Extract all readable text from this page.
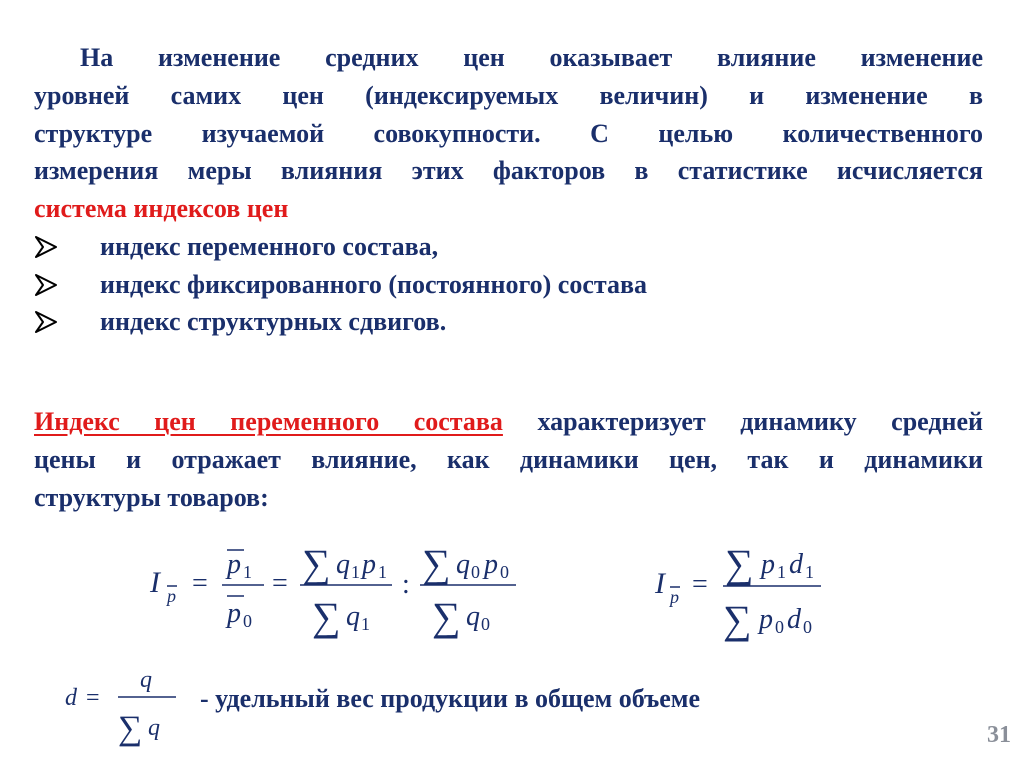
На изменение средних цен оказывает влияние изменение
уровней самих цен (индексируемых величин) и изменение в
структуре изучаемой совокупности. С целью количественного
измерения меры влияния этих факторов в статистике исчисляется
система индексов цен
индекс переменного состава,
индекс фиксированного (постоянного) состава
индекс структурных сдвигов.
Индекс цен переменного состава характеризует динамику средней
цены и отражает влияние, как динамики цен, так и динамики
структуры товаров:
I p =
p 1
p 0
= ∑ q 1 p 1
∑ q 1
: ∑ q 0 p 0
∑ q 0
I p = ∑ p 1 d 1
∑ p 0 d 0
d =
q
∑ q
- удельный вес продукции в общем объеме
31
